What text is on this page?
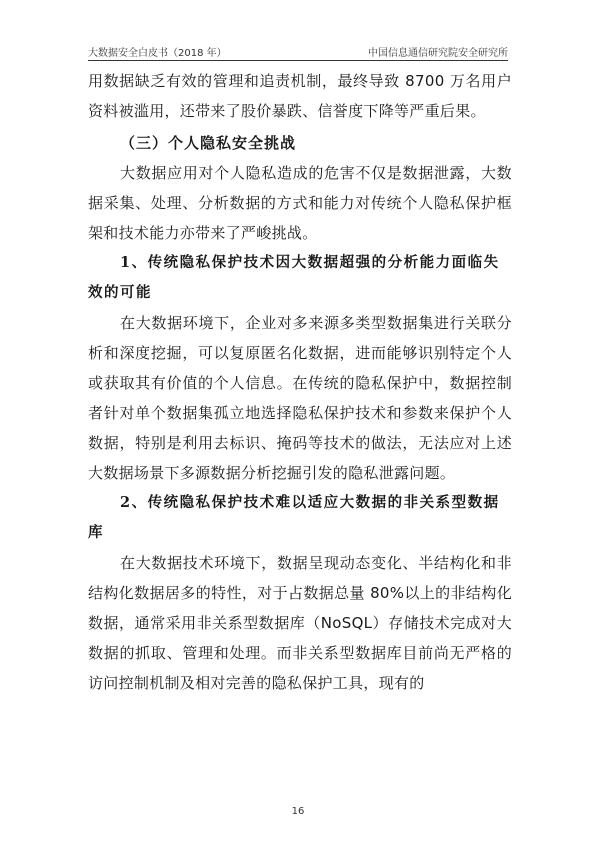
大数据安全白皮书（2018 年）	中国信息通信研究院安全研究所

用数据缺乏有效的管理和追责机制，最终导致 8700 万名用户资料被滥用，还带来了股价暴跌、信誉度下降等严重后果。

（三）个人隐私安全挑战

大数据应用对个人隐私造成的危害不仅是数据泄露，大数据采集、处理、分析数据的方式和能力对传统个人隐私保护框架和技术能力亦带来了严峻挑战。

1、传统隐私保护技术因大数据超强的分析能力面临失效的可能

在大数据环境下，企业对多来源多类型数据集进行关联分析和深度挖掘，可以复原匿名化数据，进而能够识别特定个人或获取其有价值的个人信息。在传统的隐私保护中，数据控制者针对单个数据集孤立地选择隐私保护技术和参数来保护个人数据，特别是利用去标识、掩码等技术的做法，无法应对上述大数据场景下多源数据分析挖掘引发的隐私泄露问题。

2、传统隐私保护技术难以适应大数据的非关系型数据库

在大数据技术环境下，数据呈现动态变化、半结构化和非结构化数据居多的特性，对于占数据总量 80%以上的非结构化数据，通常采用非关系型数据库（NoSQL）存储技术完成对大数据的抓取、管理和处理。而非关系型数据库目前尚无严格的访问控制机制及相对完善的隐私保护工具，现有的

16
